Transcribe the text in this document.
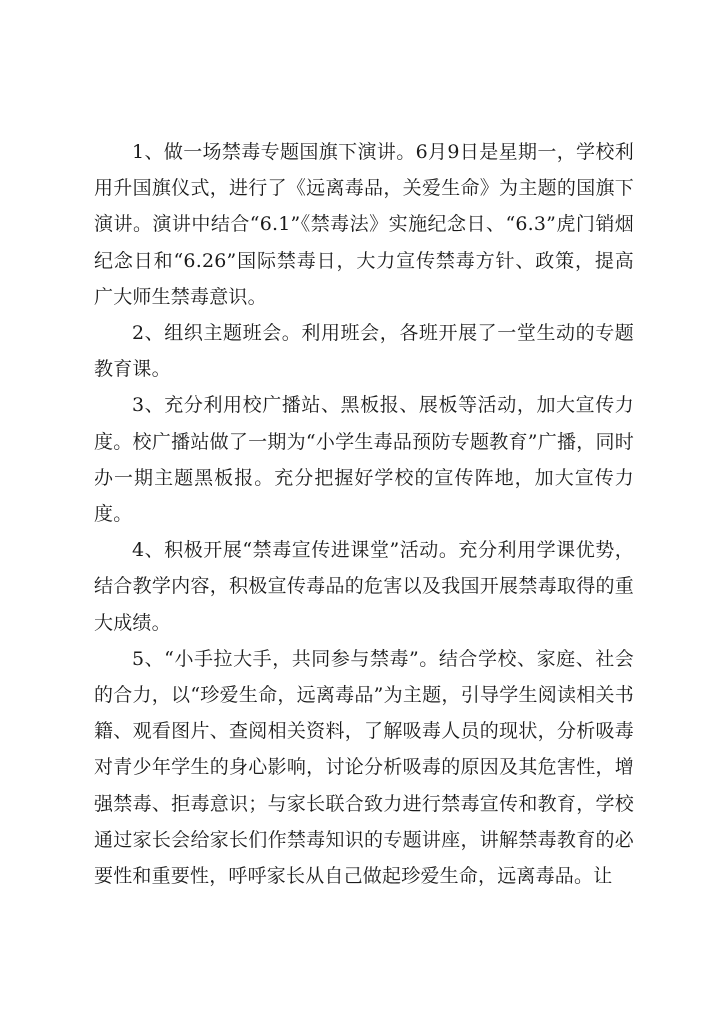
1、做一场禁毒专题国旗下演讲。6月9日是星期一，学校利用升国旗仪式，进行了《远离毒品，关爱生命》为主题的国旗下演讲。演讲中结合“6.1”《禁毒法》实施纪念日、“6.3”虎门销烟纪念日和“6.26”国际禁毒日，大力宣传禁毒方针、政策，提高广大师生禁毒意识。

2、组织主题班会。利用班会，各班开展了一堂生动的专题教育课。

3、充分利用校广播站、黑板报、展板等活动，加大宣传力度。校广播站做了一期为“小学生毒品预防专题教育”广播，同时办一期主题黑板报。充分把握好学校的宣传阵地，加大宣传力度。

4、积极开展“禁毒宣传进课堂”活动。充分利用学课优势，结合教学内容，积极宣传毒品的危害以及我国开展禁毒取得的重大成绩。

5、“小手拉大手，共同参与禁毒”。结合学校、家庭、社会的合力，以“珍爱生命，远离毒品”为主题，引导学生阅读相关书籍、观看图片、查阅相关资料，了解吸毒人员的现状，分析吸毒对青少年学生的身心影响，讨论分析吸毒的原因及其危害性，增强禁毒、拒毒意识；与家长联合致力进行禁毒宣传和教育，学校通过家长会给家长们作禁毒知识的专题讲座，讲解禁毒教育的必要性和重要性，呼呼家长从自己做起珍爱生命，远离毒品。让
